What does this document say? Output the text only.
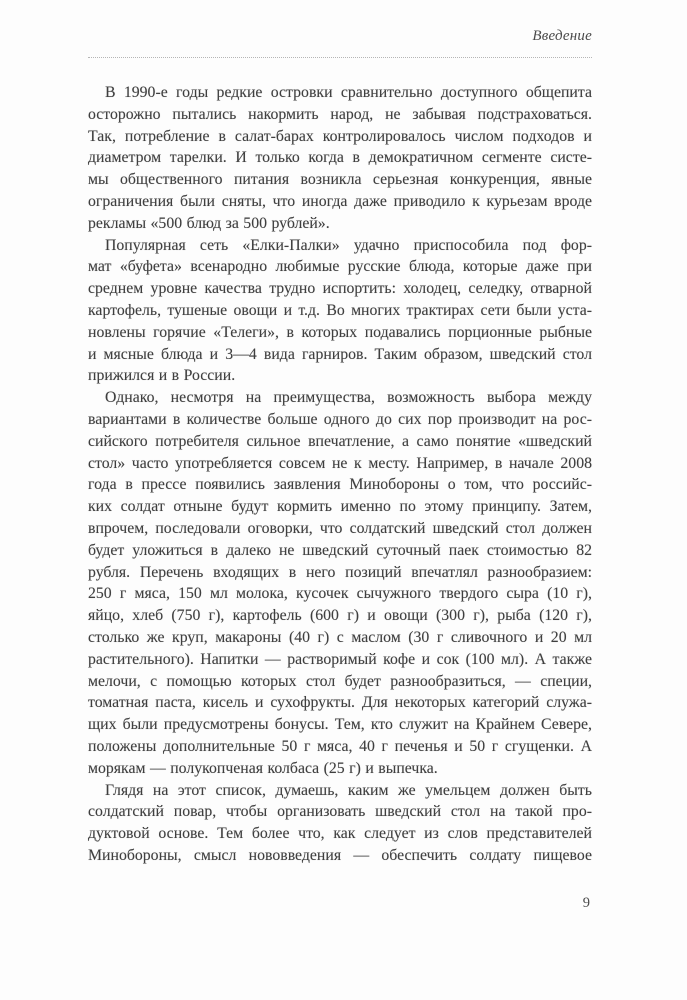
Введение
В 1990-е годы редкие островки сравнительно доступного общепита
осторожно пытались накормить народ, не забывая подстраховаться.
Так, потребление в салат-барах контролировалось числом подходов и
диаметром тарелки. И только когда в демократичном сегменте систе-
мы общественного питания возникла серьезная конкуренция, явные
ограничения были сняты, что иногда даже приводило к курьезам вроде
рекламы «500 блюд за 500 рублей».
Популярная сеть «Елки-Палки» удачно приспособила под фор-
мат «буфета» всенародно любимые русские блюда, которые даже при
среднем уровне качества трудно испортить: холодец, селедку, отварной
картофель, тушеные овощи и т.д. Во многих трактирах сети были уста-
новлены горячие «Телеги», в которых подавались порционные рыбные
и мясные блюда и 3—4 вида гарниров. Таким образом, шведский стол
прижился и в России.
Однако, несмотря на преимущества, возможность выбора между
вариантами в количестве больше одного до сих пор производит на рос-
сийского потребителя сильное впечатление, а само понятие «шведский
стол» часто употребляется совсем не к месту. Например, в начале 2008
года в прессе появились заявления Минобороны о том, что российс-
ких солдат отныне будут кормить именно по этому принципу. Затем,
впрочем, последовали оговорки, что солдатский шведский стол должен
будет уложиться в далеко не шведский суточный паек стоимостью 82
рубля. Перечень входящих в него позиций впечатлял разнообразием:
250 г мяса, 150 мл молока, кусочек сычужного твердого сыра (10 г),
яйцо, хлеб (750 г), картофель (600 г) и овощи (300 г), рыба (120 г),
столько же круп, макароны (40 г) с маслом (30 г сливочного и 20 мл
растительного). Напитки — растворимый кофе и сок (100 мл). А также
мелочи, с помощью которых стол будет разнообразиться, — специи,
томатная паста, кисель и сухофрукты. Для некоторых категорий служа-
щих были предусмотрены бонусы. Тем, кто служит на Крайнем Севере,
положены дополнительные 50 г мяса, 40 г печенья и 50 г сгущенки. А
морякам — полукопченая колбаса (25 г) и выпечка.
Глядя на этот список, думаешь, каким же умельцем должен быть
солдатский повар, чтобы организовать шведский стол на такой про-
дуктовой основе. Тем более что, как следует из слов представителей
Минобороны, смысл нововведения — обеспечить солдату пищевое
9
